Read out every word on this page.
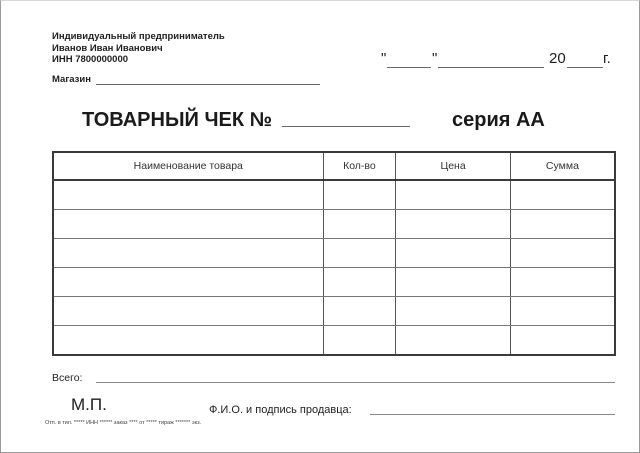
Индивидуальный предприниматель
Иванов Иван Иванович
ИНН 7800000000
Магазин
"	"	20 г.
ТОВАРНЫЙ ЧЕК №	серия АА
Наименование товара	Кол-во	Цена	Сумма

Всего:
М.П.	Ф.И.О. и подпись продавца:
Отп. в тип. ***** ИНН ****** заказ **** от ***** тираж ******* экз.
